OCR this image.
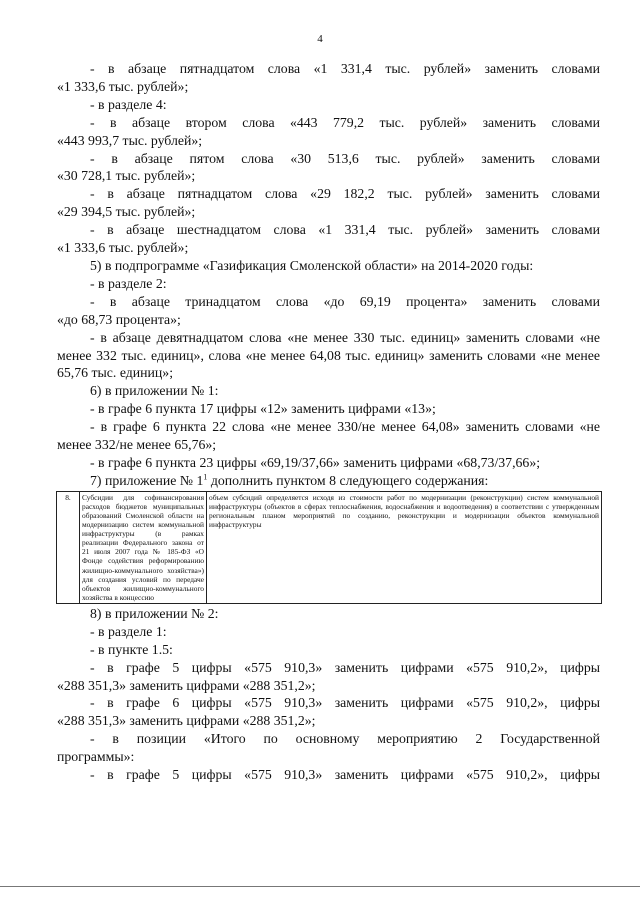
4
- в абзаце пятнадцатом слова «1 331,4 тыс. рублей» заменить словами
«1 333,6 тыс. рублей»;
- в разделе 4:
- в абзаце втором слова «443 779,2 тыс. рублей» заменить словами
«443 993,7 тыс. рублей»;
- в абзаце пятом слова «30 513,6 тыс. рублей» заменить словами
«30 728,1 тыс. рублей»;
- в абзаце пятнадцатом слова «29 182,2 тыс. рублей» заменить словами
«29 394,5 тыс. рублей»;
- в абзаце шестнадцатом слова «1 331,4 тыс. рублей» заменить словами
«1 333,6 тыс. рублей»;
5) в подпрограмме «Газификация Смоленской области» на 2014-2020 годы:
- в разделе 2:
- в абзаце тринадцатом слова «до 69,19 процента» заменить словами
«до 68,73 процента»;

- в абзаце девятнадцатом слова «не менее 330 тыс. единиц» заменить словами «не менее 332 тыс. единиц», слова «не менее 64,08 тыс. единиц» заменить словами «не менее 65,76 тыс. единиц»;

6) в приложении № 1:
- в графе 6 пункта 17 цифры «12» заменить цифрами «13»;

- в графе 6 пункта 22 слова «не менее 330/не менее 64,08» заменить словами «не менее 332/не менее 65,76»;

- в графе 6 пункта 23 цифры «69,19/37,66» заменить цифрами «68,73/37,66»;
7) приложение № $1^1$ дополнить пунктом 8 следующего содержания:
8.	Субсидии для софинансирования расходов бюджетов муниципальных образований Смоленской области на модернизацию систем коммунальной инфраструктуры (в рамках реализации Федерального закона от 21 июля 2007 года № 185-ФЗ «О Фонде содействия реформированию жилищно-коммунального хозяйства») для создания условий по передаче объектов жилищно-коммунального хозяйства в концессию	объем субсидий определяется исходя из стоимости работ по модернизации (реконструкции) систем коммунальной инфраструктуры (объектов в сферах теплоснабжения, водоснабжения и водоотведения) в соответствии с утвержденным региональным планом мероприятий по созданию, реконструкции и модернизации объектов коммунальной инфраструктуры
8) в приложении № 2:
- в разделе 1:
- в пункте 1.5:
- в графе 5 цифры «575 910,3» заменить цифрами «575 910,2», цифры
«288 351,3» заменить цифрами «288 351,2»;
- в графе 6 цифры «575 910,3» заменить цифрами «575 910,2», цифры
«288 351,3» заменить цифрами «288 351,2»;
- в позиции «Итого по основному мероприятию 2 Государственной
программы»:
- в графе 5 цифры «575 910,3» заменить цифрами «575 910,2», цифры
